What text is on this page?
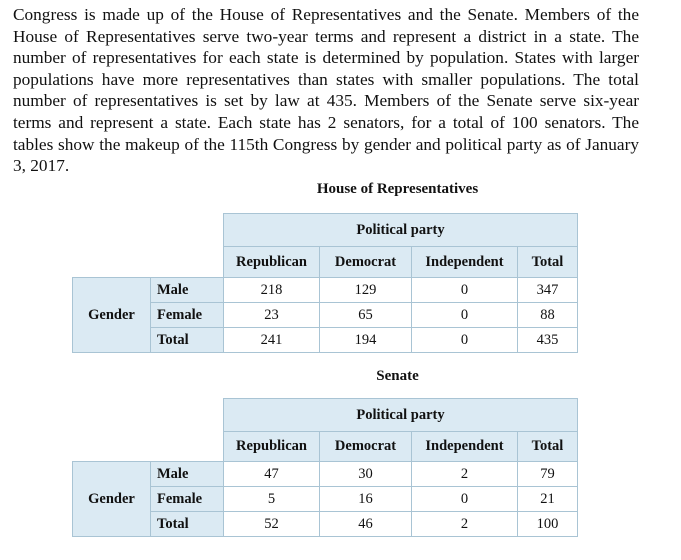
Congress is made up of the House of Representatives and the Senate. Members of the House of Representatives serve two-year terms and represent a district in a state. The number of representatives for each state is determined by population. States with larger populations have more representatives than states with smaller populations. The total number of representatives is set by law at 435. Members of the Senate serve six-year terms and represent a state. Each state has 2 senators, for a total of 100 senators. The tables show the makeup of the 115th Congress by gender and political party as of January 3, 2017.

House of Representatives
		Political party			
		Republican	Democrat	Independent	Total
Gender	Male	218	129	0	347
	Female	23	65	0	88
	Total	241	194	0	435
Senate
		Political party			
		Republican	Democrat	Independent	Total
Gender	Male	47	30	2	79
	Female	5	16	0	21
	Total	52	46	2	100
